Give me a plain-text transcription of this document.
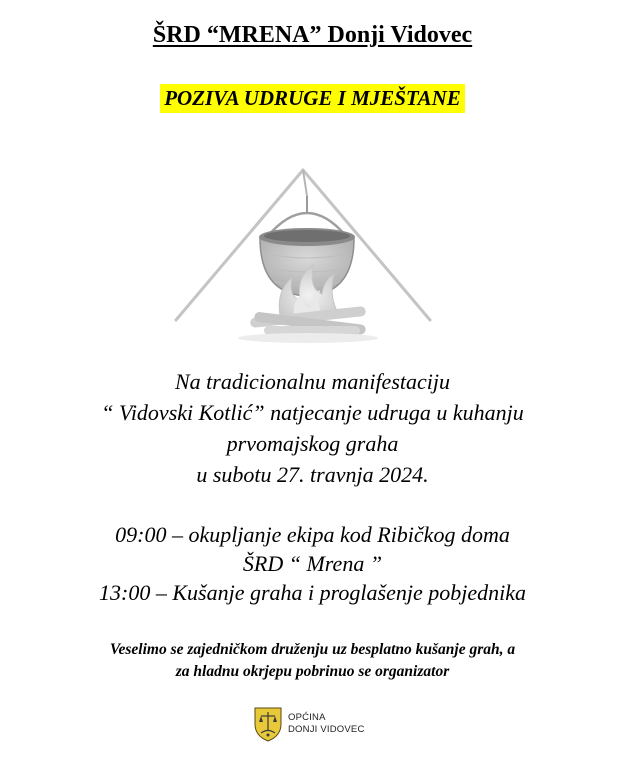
ŠRD “MRENA” Donji Vidovec
POZIVA UDRUGE I MJEŠTANE
Na tradicionalnu manifestaciju
“ Vidovski Kotlić” natjecanje udruga u kuhanju
prvomajskog graha
u subotu 27. travnja 2024.
09:00 – okupljanje ekipa kod Ribičkog doma
ŠRD “ Mrena ”
13:00 – Kušanje graha i proglašenje pobjednika
Veselimo se zajedničkom druženju uz besplatno kušanje grah, a
za hladnu okrjepu pobrinuo se organizator
OPĆINA
DONJI VIDOVEC
